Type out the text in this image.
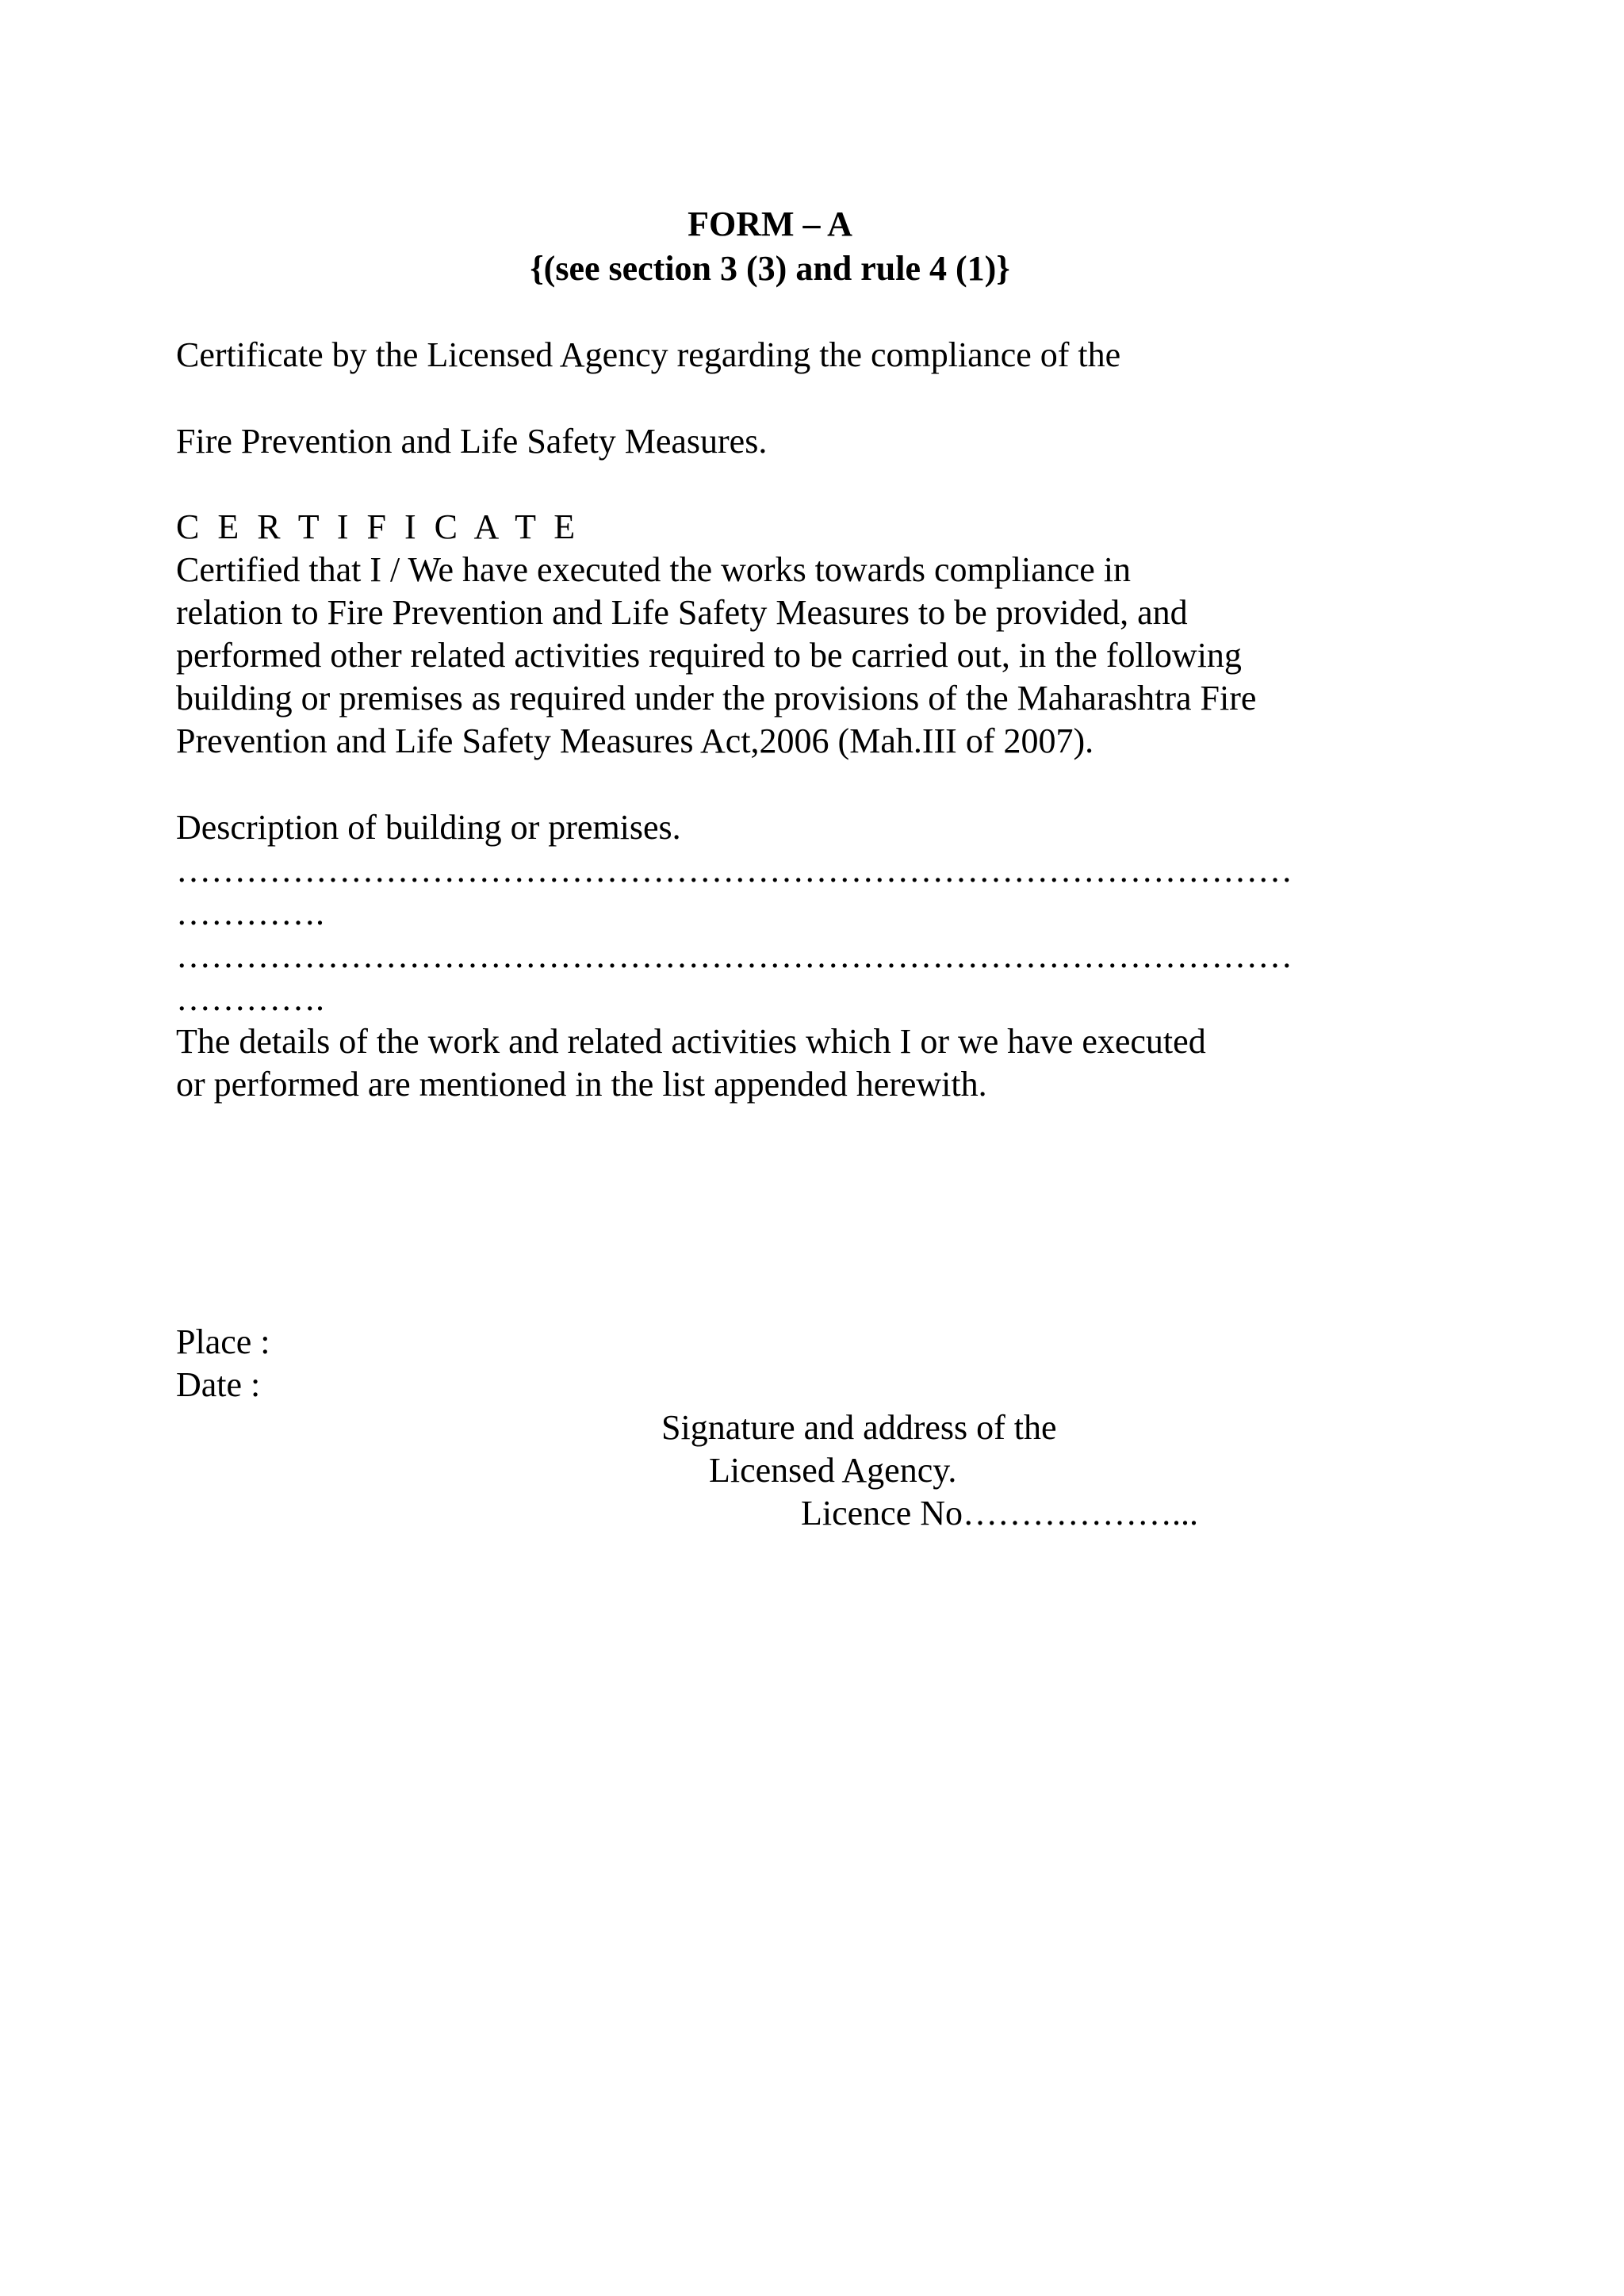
FORM – A

{(see section 3 (3) and rule 4 (1)}

Certificate by the Licensed Agency regarding the compliance of the

Fire Prevention and Life Safety Measures.

C E R T I F I C A T E

Certified that I / We have executed the works towards compliance in

relation to Fire Prevention and Life Safety Measures to be provided, and

performed other related activities required to be carried out, in the following

building or premises as required under the provisions of the Maharashtra Fire

Prevention and Life Safety Measures Act,2006 (Mah.III of 2007).

Description of building or premises.

……………………………………………………………………………………

………….

……………………………………………………………………………………

………….

The details of the work and related activities which I or we have executed

or performed are mentioned in the list appended herewith.

Place :

Date :

Signature and address of the

Licensed Agency.

Licence No………………...
